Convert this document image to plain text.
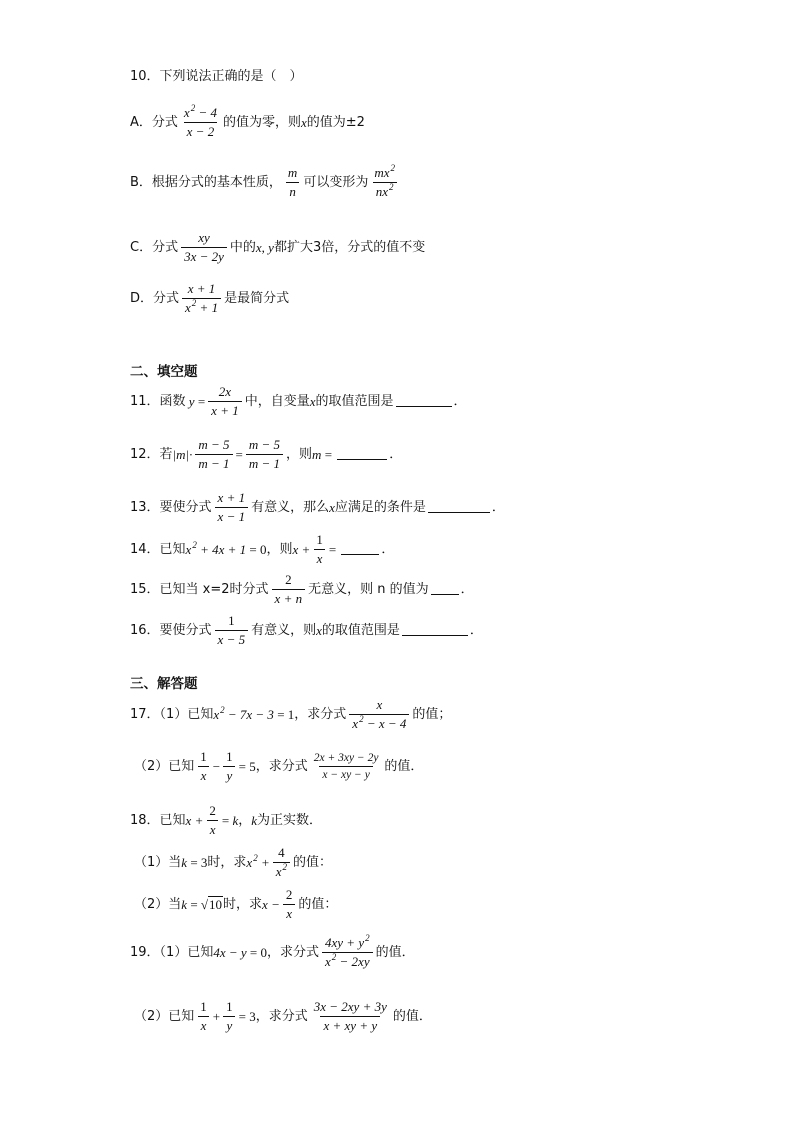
10．下列说法正确的是（　）
A．分式 $\frac{x^2 - 4}{x - 2}$ 的值为零，则 x 的值为±2
B．根据分式的基本性质， $\frac{m}{n}$ 可以变形为 $\frac{mx^2}{nx^2}$
C．分式 $\frac{xy}{3x - 2y}$ 中的 x, y 都扩大3倍，分式的值不变
D．分式 $\frac{x + 1}{x^2 + 1}$ 是最简分式
二、填空题
11．函数 $y = \frac{2x}{x + 1}$ 中，自变量 x 的取值范围是	．
12．若 $|m|\cdot \frac{m - 5}{m - 1} = \frac{m - 5}{m - 1}$ ，则 m =	．
13．要使分式 $\frac{x + 1}{x - 1}$ 有意义，那么 x 应满足的条件是	．
14．已知 $x^2 + 4x + 1 = 0$ ，则 $x + \frac{1}{x}$ =	．
15．已知当 x=2时分式 $\frac{2}{x + n}$ 无意义，则 n 的值为 ．
16．要使分式 $\frac{1}{x - 5}$ 有意义，则 x 的取值范围是	．
三、解答题
17．（1）已知 $x^2 - 7x - 3 = 1$ ，求分式 $\frac{x}{x^2 - x - 4}$ 的值；
（2）已知 $\frac{1}{x} - \frac{1}{y} = 5$ ，求分式 $\frac{2x + 3xy - 2y}{x - xy - y}$ 的值．
18．已知 $x + \frac{2}{x} = k$ ， k 为正实数．
（1）当 k = 3 时，求 $x^2 + \frac{4}{x^2}$ 的值：
（2）当 k = √10 时，求 $x - \frac{2}{x}$ 的值：
19．（1）已知 4x − y = 0 ，求分式 $\frac{4xy + y^2}{x^2 - 2xy}$ 的值．
（2）已知 $\frac{1}{x} + \frac{1}{y} = 3$ ，求分式 $\frac{3x - 2xy + 3y}{x + xy + y}$ 的值．
